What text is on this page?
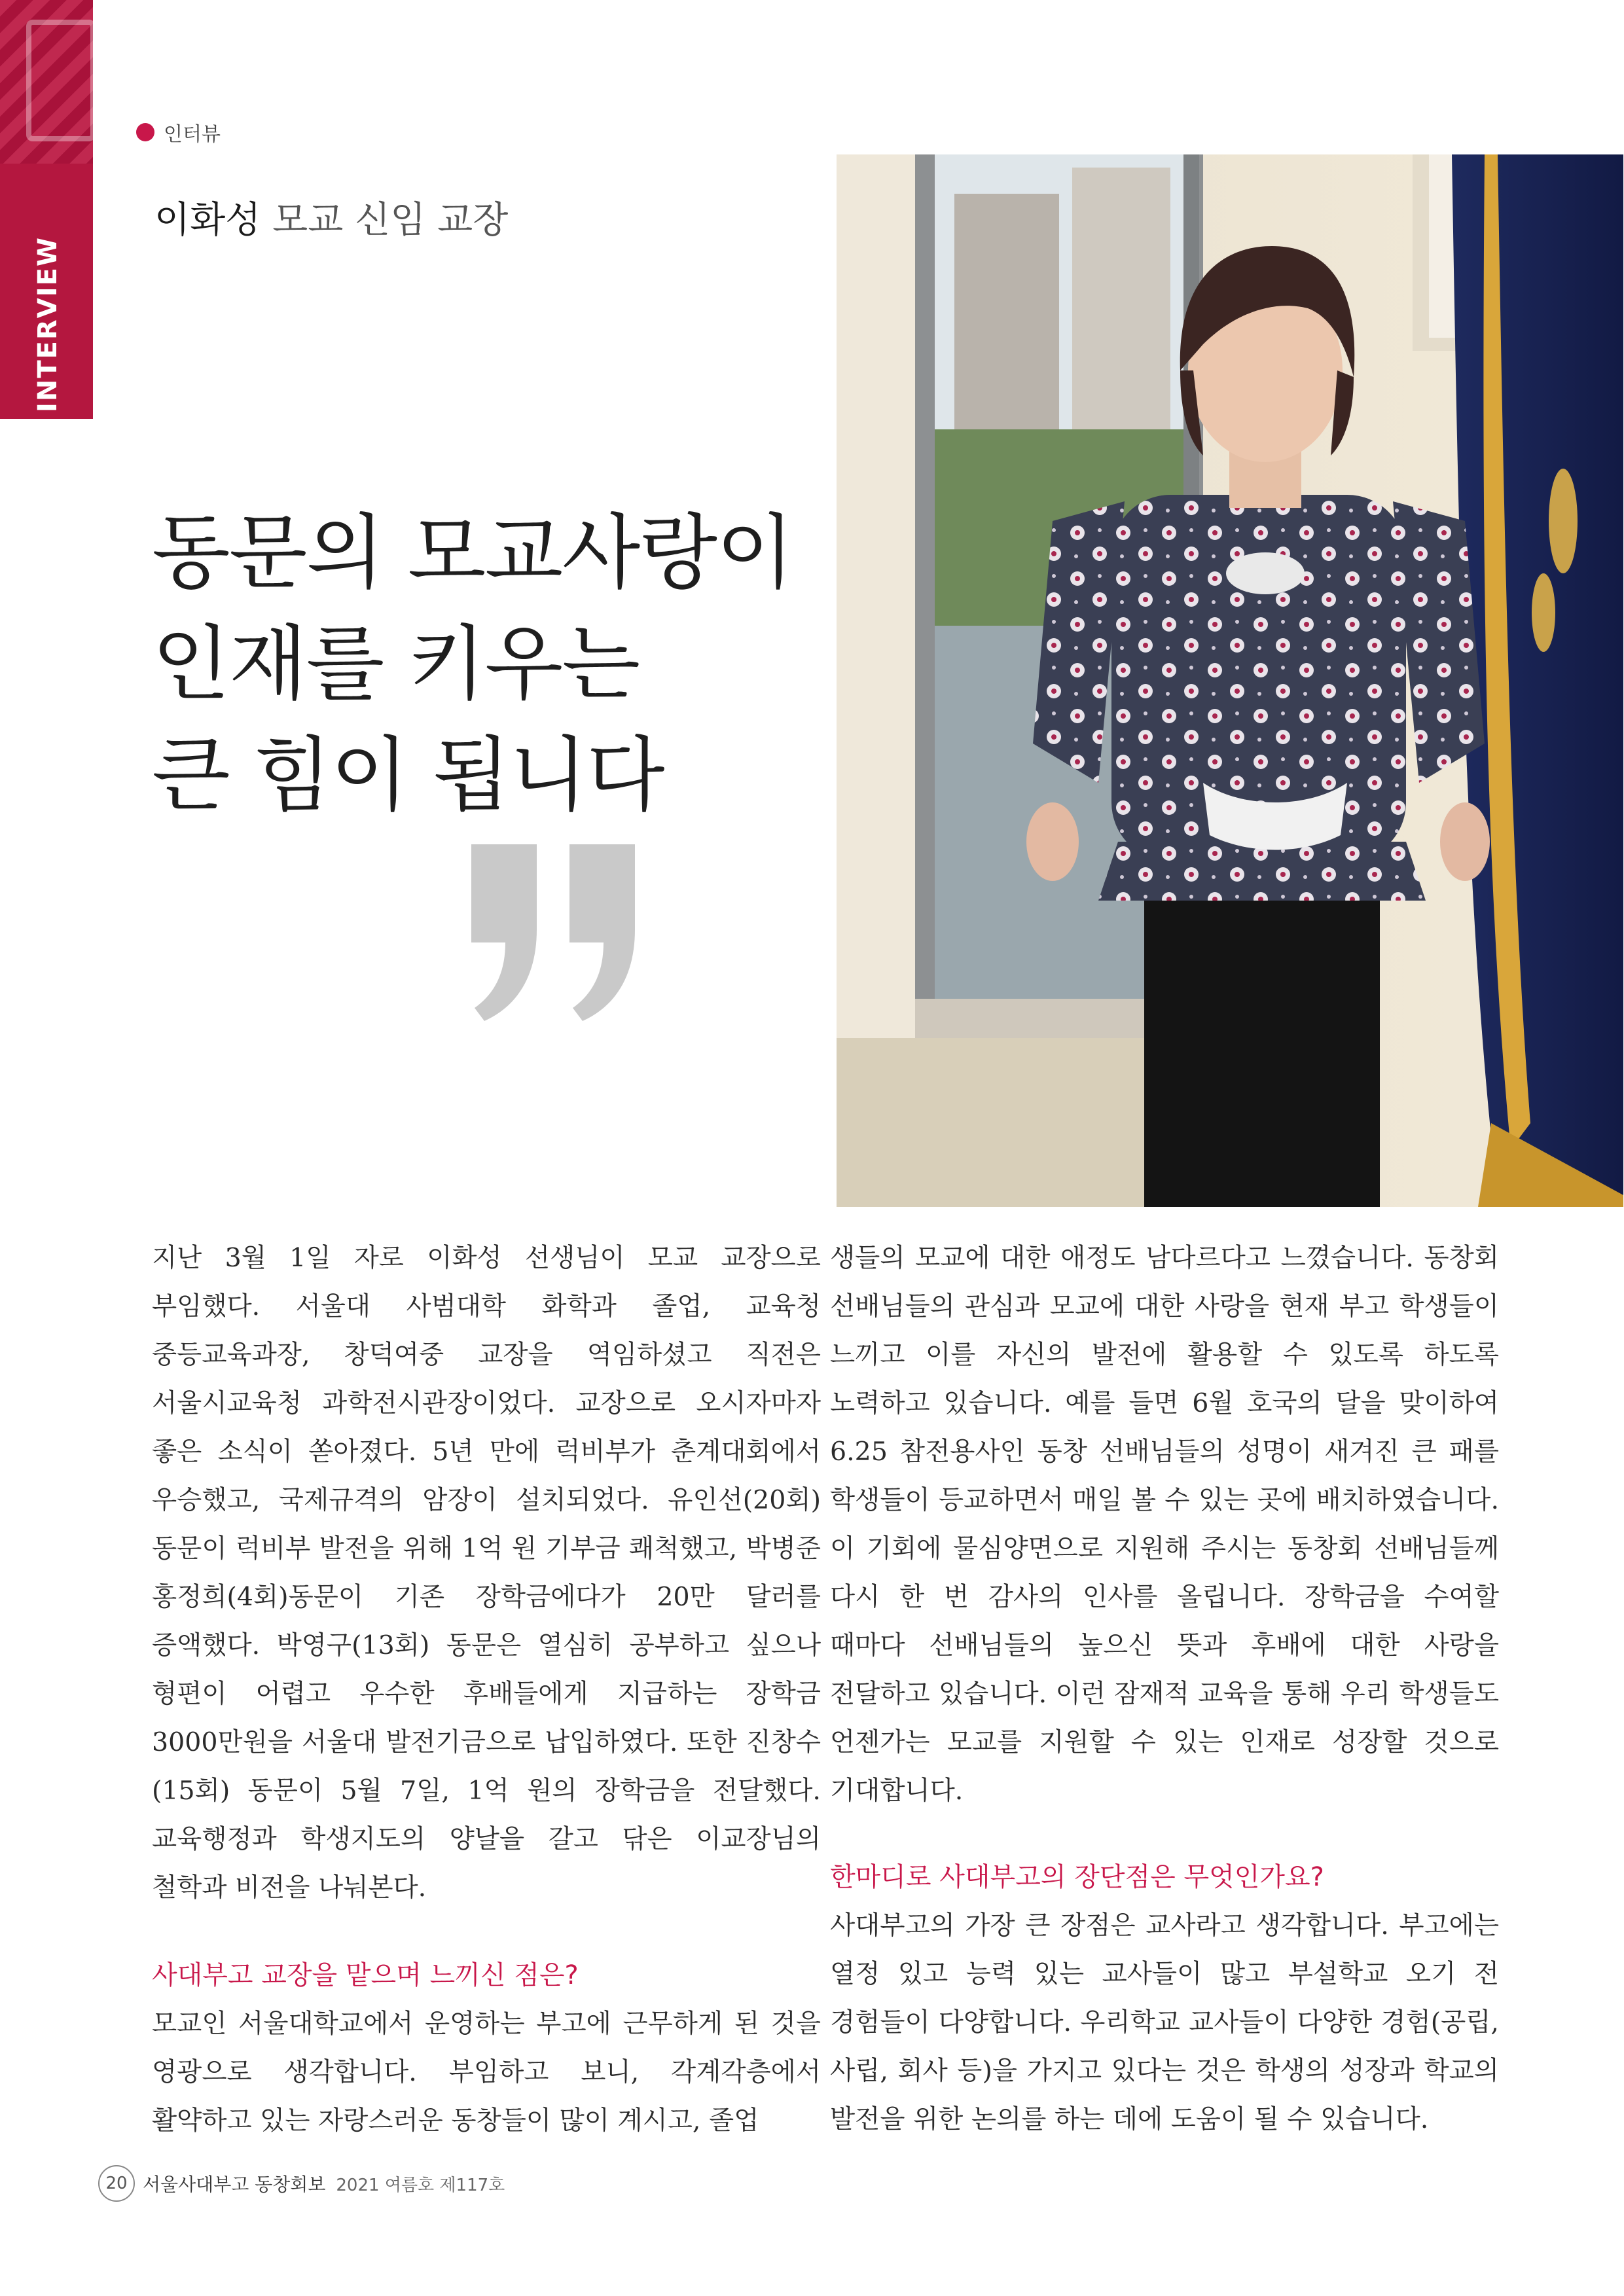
INTERVIEW
인터뷰
이화성 모교 신임 교장
동문의 모교사랑이
인재를 키우는
큰 힘이 됩니다

지난 3월 1일 자로 이화성 선생님이 모교 교장으로 부임했다. 서울대 사범대학 화학과 졸업, 교육청 중등교육과장, 창덕여중 교장을 역임하셨고 직전은 서울시교육청 과학전시관장이었다. 교장으로 오시자마자 좋은 소식이 쏟아졌다. 5년 만에 럭비부가 춘계대회에서 우승했고, 국제규격의 암장이 설치되었다. 유인선(20회) 동문이 럭비부 발전을 위해 1억 원 기부금 쾌척했고, 박병준 홍정희(4회)동문이 기존 장학금에다가 20만 달러를 증액했다. 박영구(13회) 동문은 열심히 공부하고 싶으나 형편이 어렵고 우수한 후배들에게 지급하는 장학금 3000만원을 서울대 발전기금으로 납입하였다. 또한 진창수(15회) 동문이 5월 7일, 1억 원의 장학금을 전달했다. 교육행정과 학생지도의 양날을 갈고 닦은 이교장님의 철학과 비전을 나눠본다.

사대부고 교장을 맡으며 느끼신 점은?

모교인 서울대학교에서 운영하는 부고에 근무하게 된 것을 영광으로 생각합니다. 부임하고 보니, 각계각층에서 활약하고 있는 자랑스러운 동창들이 많이 계시고, 졸업

생들의 모교에 대한 애정도 남다르다고 느꼈습니다. 동창회 선배님들의 관심과 모교에 대한 사랑을 현재 부고 학생들이 느끼고 이를 자신의 발전에 활용할 수 있도록 하도록 노력하고 있습니다. 예를 들면 6월 호국의 달을 맞이하여 6.25 참전용사인 동창 선배님들의 성명이 새겨진 큰 패를 학생들이 등교하면서 매일 볼 수 있는 곳에 배치하였습니다. 이 기회에 물심양면으로 지원해 주시는 동창회 선배님들께 다시 한 번 감사의 인사를 올립니다. 장학금을 수여할 때마다 선배님들의 높으신 뜻과 후배에 대한 사랑을 전달하고 있습니다. 이런 잠재적 교육을 통해 우리 학생들도 언젠가는 모교를 지원할 수 있는 인재로 성장할 것으로 기대합니다.

한마디로 사대부고의 장단점은 무엇인가요?

사대부고의 가장 큰 장점은 교사라고 생각합니다. 부고에는 열정 있고 능력 있는 교사들이 많고 부설학교 오기 전 경험들이 다양합니다. 우리학교 교사들이 다양한 경험(공립, 사립, 회사 등)을 가지고 있다는 것은 학생의 성장과 학교의 발전을 위한 논의를 하는 데에 도움이 될 수 있습니다.

20 서울사대부고 동창회보 2021 여름호 제117호
